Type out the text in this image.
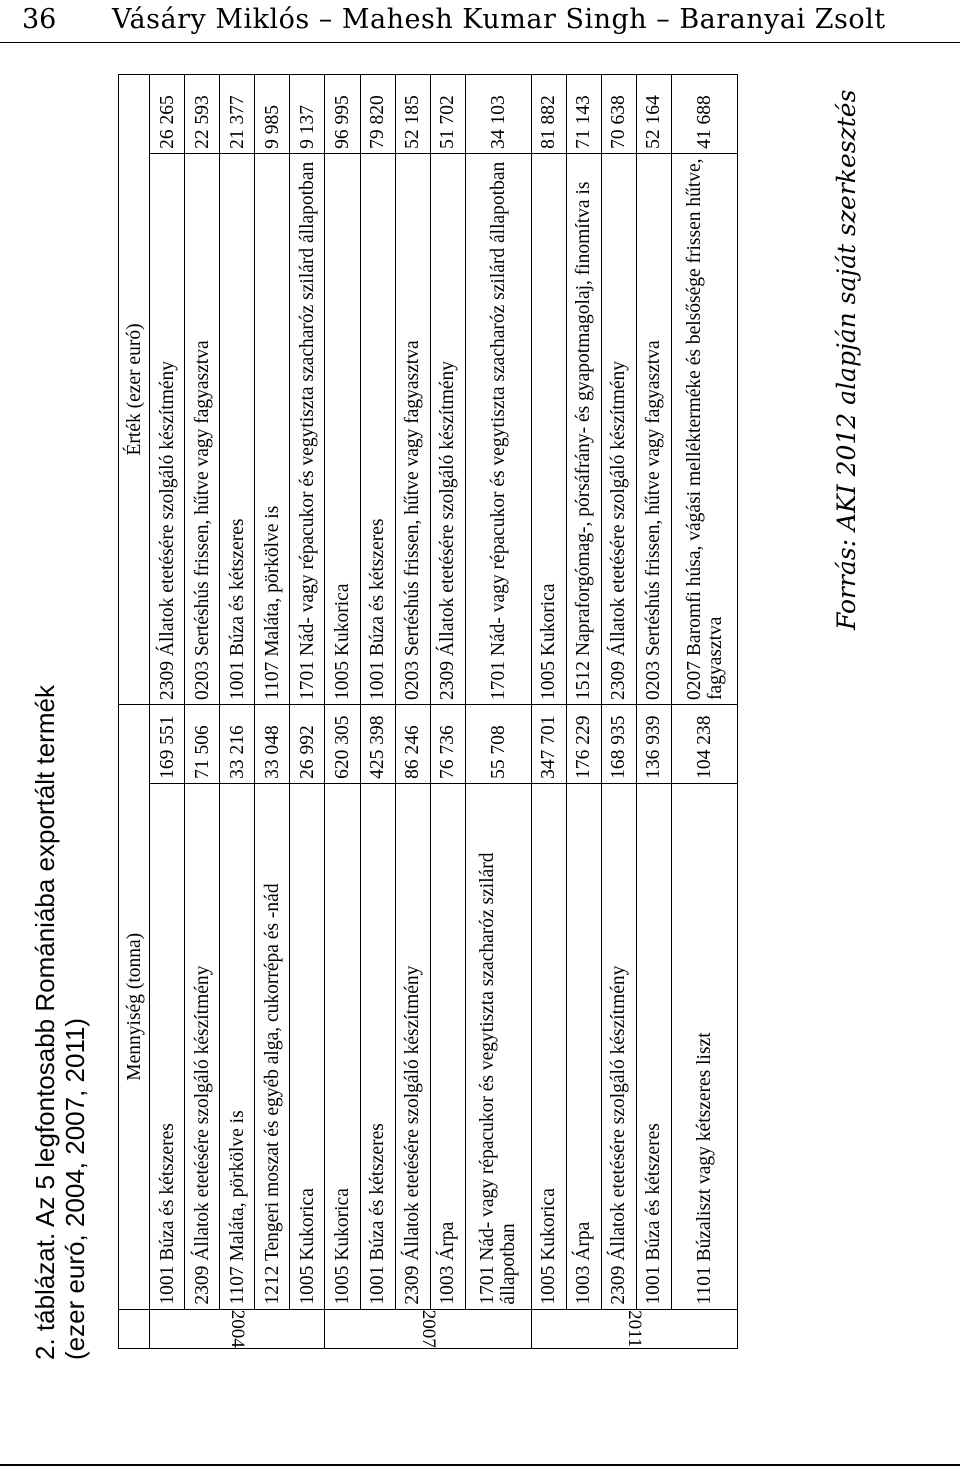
36 Vásáry Miklós – Mahesh Kumar Singh – Baranyai Zsolt
2. táblázat. Az 5 legfontosabb Romániába exportált termék (ezer euró, 2004, 2007, 2011)
	Mennyiség (tonna)		Érték (ezer euró)	

2004	1001 Búza és kétszeres	169 551	2309 Állatok etetésére szolgáló készítmény	26 265
	2309 Állatok etetésére szolgáló készítmény	71 506	0203 Sertéshús frissen, hűtve vagy fagyasztva	22 593
	1107 Maláta, pörkölve is	33 216	1001 Búza és kétszeres	21 377
	1212 Tengeri moszat és egyéb alga, cukorrépa és -nád	33 048	1107 Maláta, pörkölve is	9 985
	1005 Kukorica	26 992	1701 Nád- vagy répacukor és vegytiszta szacharóz szilárd állapotban	9 137

2007	1005 Kukorica	620 305	1005 Kukorica	96 995
	1001 Búza és kétszeres	425 398	1001 Búza és kétszeres	79 820
	2309 Állatok etetésére szolgáló készítmény	86 246	0203 Sertéshús frissen, hűtve vagy fagyasztva	52 185
	1003 Árpa	76 736	2309 Állatok etetésére szolgáló készítmény	51 702
	1701 Nád- vagy répacukor és vegytiszta szacharóz szilárd állapotban	55 708	1701 Nád- vagy répacukor és vegytiszta szacharóz szilárd állapotban	34 103

2011	1005 Kukorica	347 701	1005 Kukorica	81 882
	1003 Árpa	176 229	1512 Napraforgómag-, pórsáfrány- és gyapotmagolaj, finomítva is	71 143
	2309 Állatok etetésére szolgáló készítmény	168 935	2309 Állatok etetésére szolgáló készítmény	70 638
	1001 Búza és kétszeres	136 939	0203 Sertéshús frissen, hűtve vagy fagyasztva	52 164
	1101 Búzaliszt vagy kétszeres liszt	104 238	0207 Baromfi húsa, vágási mellékterméke és belsősége frissen hűtve, fagyasztva	41 688	Forrás: AKI 2012 alapján saját szerkesztés
